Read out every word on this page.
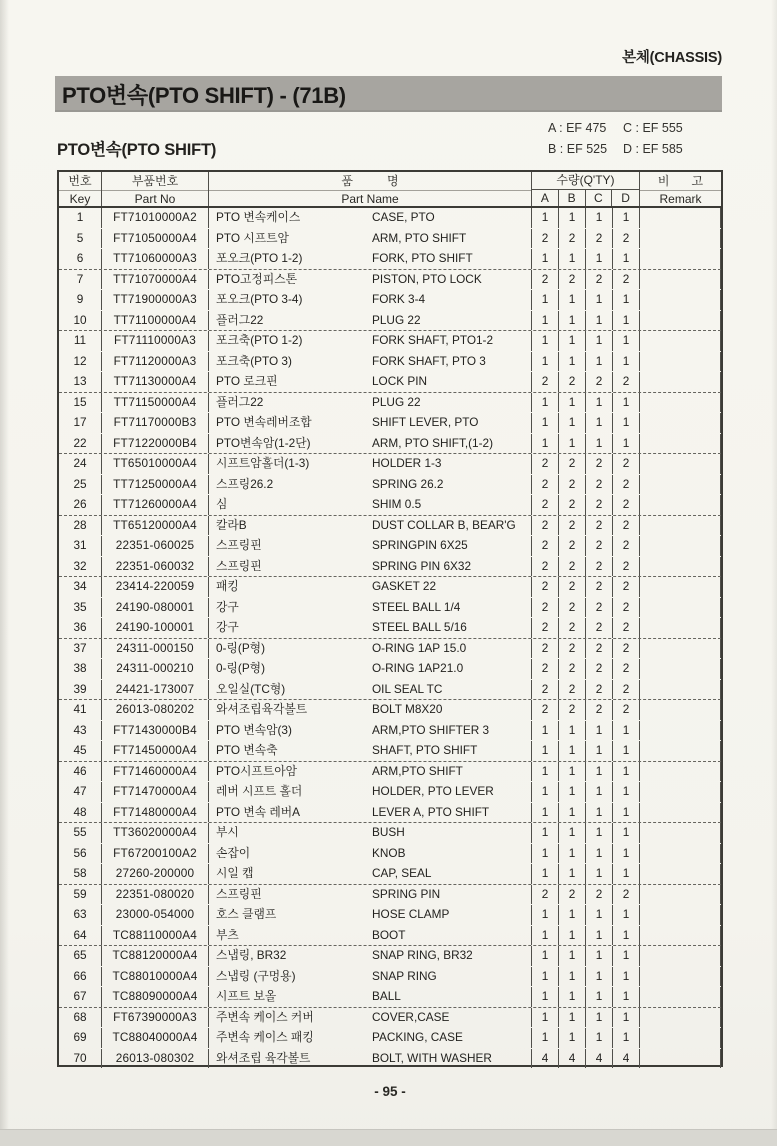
본체(CHASSIS)
PTO변속(PTO SHIFT) - (71B)
PTO변속(PTO SHIFT)
A : EF 475	C : EF 555
B : EF 525	D : EF 585
번호
Key
부품번호
Part No
품	명
Part Name
수량(Q'TY)
A	B	C	D
비 고
Remark
1	FT71010000A2	PTO 변속케이스	CASE, PTO	1	1	1	1
5	FT71050000A4	PTO 시프트암	ARM, PTO SHIFT	2	2	2	2
6	TT71060000A3	포오크(PTO 1-2)	FORK, PTO SHIFT	1	1	1	1
7	TT71070000A4	PTO고정피스톤	PISTON, PTO LOCK	2	2	2	2
9	TT71900000A3	포오크(PTO 3-4)	FORK 3-4	1	1	1	1
10	TT71100000A4	플러그22	PLUG 22	1	1	1	1
11	FT71110000A3	포크축(PTO 1-2)	FORK SHAFT, PTO1-2	1	1	1	1
12	FT71120000A3	포크축(PTO 3)	FORK SHAFT, PTO 3	1	1	1	1
13	TT71130000A4	PTO 로크핀	LOCK PIN	2	2	2	2
15	TT71150000A4	플러그22	PLUG 22	1	1	1	1
17	FT71170000B3	PTO 변속레버조합	SHIFT LEVER, PTO	1	1	1	1
22	FT71220000B4	PTO변속암(1-2단)	ARM, PTO SHIFT,(1-2)	1	1	1	1
24	TT65010000A4	시프트암홀더(1-3)	HOLDER 1-3	2	2	2	2
25	TT71250000A4	스프링26.2	SPRING 26.2	2	2	2	2
26	TT71260000A4	심	SHIM 0.5	2	2	2	2
28	TT65120000A4	칼라B	DUST COLLAR B, BEAR'G	2	2	2	2
31	22351-060025	스프링핀	SPRINGPIN 6X25	2	2	2	2
32	22351-060032	스프링핀	SPRING PIN 6X32	2	2	2	2
34	23414-220059	패킹	GASKET 22	2	2	2	2
35	24190-080001	강구	STEEL BALL 1/4	2	2	2	2
36	24190-100001	강구	STEEL BALL 5/16	2	2	2	2
37	24311-000150	0-링(P형)	O-RING 1AP 15.0	2	2	2	2
38	24311-000210	0-링(P형)	O-RING 1AP21.0	2	2	2	2
39	24421-173007	오일실(TC형)	OIL SEAL TC	2	2	2	2
41	26013-080202	와셔조립육각볼트	BOLT M8X20	2	2	2	2
43	FT71430000B4	PTO 변속암(3)	ARM,PTO SHIFTER 3	1	1	1	1
45	FT71450000A4	PTO 변속축	SHAFT, PTO SHIFT	1	1	1	1
46	FT71460000A4	PTO시프트아암	ARM,PTO SHIFT	1	1	1	1
47	FT71470000A4	레버 시프트 홀더	HOLDER, PTO LEVER	1	1	1	1
48	FT71480000A4	PTO 변속 레버A	LEVER A, PTO SHIFT	1	1	1	1
55	TT36020000A4	부시	BUSH	1	1	1	1
56	FT67200100A2	손잡이	KNOB	1	1	1	1
58	27260-200000	시일 캡	CAP, SEAL	1	1	1	1
59	22351-080020	스프링핀	SPRING PIN	2	2	2	2
63	23000-054000	호스 클램프	HOSE CLAMP	1	1	1	1
64	TC88110000A4	부츠	BOOT	1	1	1	1
65	TC88120000A4	스냅링, BR32	SNAP RING, BR32	1	1	1	1
66	TC88010000A4	스냅링 (구멍용)	SNAP RING	1	1	1	1
67	TC88090000A4	시프트 보올	BALL	1	1	1	1
68	FT67390000A3	주변속 케이스 커버	COVER,CASE	1	1	1	1
69	TC88040000A4	주변속 케이스 패킹	PACKING, CASE	1	1	1	1
70	26013-080302	와셔조립 육각볼트	BOLT, WITH WASHER	4	4	4	4
- 95 -
